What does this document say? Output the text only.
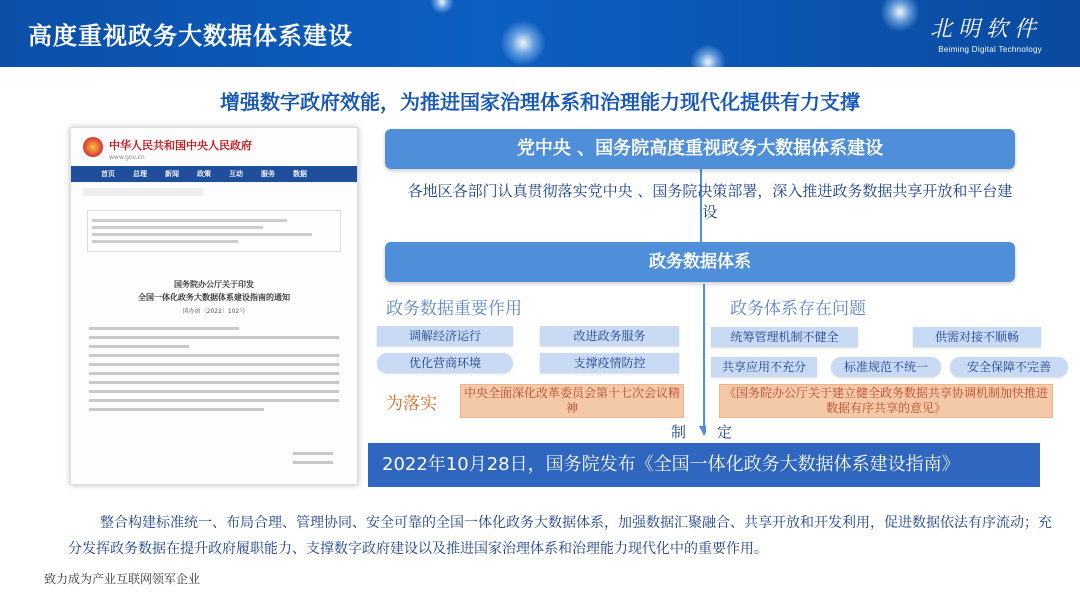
高度重视政务大数据体系建设	北明软件
Beiming Digital Technology
增强数字政府效能，为推进国家治理体系和治理能力现代化提供有力支撑
中华人民共和国中央人民政府
www.gov.cn
首页	总理	新闻	政策	互动	服务	数据
国务院办公厅关于印发
全国一体化政务大数据体系建设指南的通知
国办函〔2022〕102号
党中央 、国务院高度重视政务大数据体系建设
各地区各部门认真贯彻落实党中央 、国务院决策部署，深入推进政务数据共享开放和平台建设
政务数据体系
政务数据重要作用	政务体系存在问题
调解经济运行	改进政务服务
优化营商环境	支撑疫情防控
统筹管理机制不健全	供需对接不顺畅
共享应用不充分	标准规范不统一	安全保障不完善
为落实
中央全面深化改革委员会第十七次会议精神
《国务院办公厅关于建立健全政务数据共享协调机制加快推进数据有序共享的意见》
制 定
2022年10月28日，国务院发布《全国一体化政务大数据体系建设指南》
整合构建标准统一、布局合理、管理协同、安全可靠的全国一体化政务大数据体系，加强数据汇聚融合、共享开放和开发利用，促进数据依法有序流动；充分发挥政务数据在提升政府履职能力、支撑数字政府建设以及推进国家治理体系和治理能力现代化中的重要作用。
致力成为产业互联网领军企业
